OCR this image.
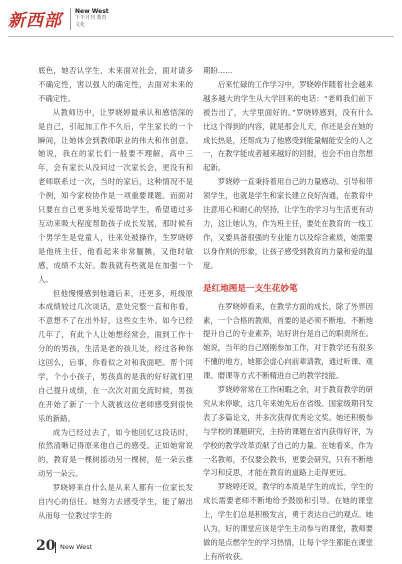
新西部 New West
下半月刊 教育文化

底色，她否认学生，未来面对社会，面对请多不确定性，害以强人的确定性，去面对未来的不确定性。

从教师历中，让罗晓婷最承认和感悟深的是自己，引起加工作不久后，学生家长的一个瞬间，让她体会到教师职业的伟大和伟创意。她说，我在的家长们一般要不理解，高中三年，会有家长从没问过一次家长会，更没有和老师联系过一次，当时的家后，这种情况不是个例，知今家校协作是一项重要课题。而面对只要在自己更多地关爱帮助学生，希望通过多互动来吸大程度帮助孩子成长发展，那时候有个男学生是党童人，往来处被操作，生罗晓婷是他班主任，他看起来非常腼腆，又他时敏感，成绩不太好。数我就有些就是在加强一个人。

但他慢慢感到他通后来，还更多，班级原本成绩较过几次谈话，意处完整一直和你看，不意想不了在出外好，这些女生外。如今已经几年了，有此个人让她想经常会，面到工作十分的的男孩，生活是老的孩儿处，经过各种你这回么，后事，你看似之对和我面吧。帮个同学，个小小孩子，男孩真的是我的好好就们里自己提升成绩，在一次次对面交流时候，男孩在开始了新了一个人就被这位老师感受到很快乐的新路。

成为已经过去了，如今他回忆这段话时，依然清晰记得原来他自己的感受。正如她常说的，教育是一棵树摇动另一棵树，是一朵云推动另一朵云。

罗晓婷来自什么是从来人都有一位家长发自内心的信任。她努力去感受学生，能了解出从而每一位教过学生的

期盼……

后来忙碌的工作学习中，罗晓婷伴随着社会越来越多越大的学生从大学回来的电话：“老师我们前下被告出了，大学里面好的。”罗晓婷感到，没有什么比这个得到的内容，就是那会儿天，你还是会在她的成长热是，还帮成为了他感受到能量幅能安全的人之一，在教学能成者越来越好的回报，也会不由自然想起新。

罗晓婷一直秉持着用自己的力量感动、引导和带领学生，也就是学生和家长建立良好沟通，在教育中注意用心和耐心的坚持，让学生的学习与生活更有动力，这让她认为，作为班主任，要处在教育的一线工作，又要具备很强的专业能力以及综合素质，她需要以身作则的形象，让孩子感受到教育的力量和爱的温度。

是红地图是一支生花妙笔

在罗晓婷看来，在教学方面的成长，除了外界因素，一个合格的教师，首要的是必须不断地、不断地提升自己的专业素养，站好讲台是自己的职责所在。她说，当年的自己刚刚参加工作，对于教学还有很多不懂的地方，她都会虚心向前辈请教，通过听课、观课、磨课等方式不断精进自己的教学技能。

罗晓婷常常在工作闲暇之余，对于教育教学的研究从未停歇，这几年来她先后在省级、国家级期刊发表了多篇论文，并多次获得优秀论文奖。她还积极参与学校的课题研究，主持的课题在省内获得好评，为学校的教学改革贡献了自己的力量。在她看来，作为一名教师，不仅要会教书，更要会研究，只有不断地学习和反思，才能在教育的道路上走得更远。

罗晓婷还说，教学的本质是学生的成长，学生的成长需要老师不断地给予鼓励和引导。在她的课堂上，学生们总是积极发言，勇于表达自己的观点。她认为，好的课堂应该是学生主动参与的课堂，教师要做的是点燃学生的学习热情，让每个学生都能在课堂上有所收获。

20 New West
